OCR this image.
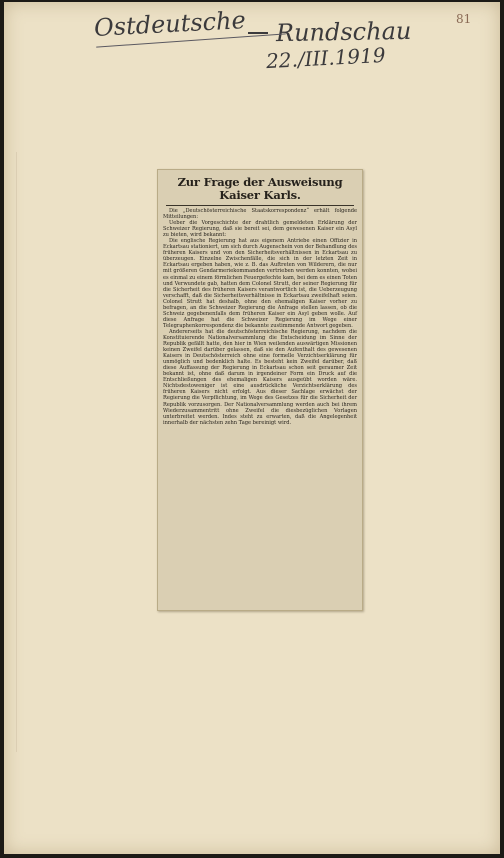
Ostdeutsche Rundschau
22./III.1919
81
Zur Frage der Ausweisung Kaiser Karls.

Die „Deutschösterreichische Staatskorrespondenz“ erhält folgende Mitteilungen:

Ueber die Vorgeschichte der drahtlich gemeldeten Erklärung der Schweizer Regierung, daß sie bereit sei, dem gewesenen Kaiser ein Asyl zu bieten, wird bekannt:

Die englische Regierung hat aus eigenem Antriebe einen Offizier in Eckartsau stationiert, um sich durch Augenschein von der Behandlung des früheren Kaisers und von den Sicherheitsverhältnissen in Eckartsau zu überzeugen. Einzelne Zwischenfälle, die sich in der letzten Zeit in Eckartsau ergeben haben, wie z. B. das Auftreten von Wilderern, die nur mit größeren Gendarmeriekommanden vertrieben werden konnten, wobei es einmal zu einem förmlichen Feuergefechte kam, bei dem es einen Toten und Verwundete gab, hatten dem Colonel Strutt, der seiner Regierung für die Sicherheit des früheren Kaisers verantwortlich ist, die Ueberzeugung verschafft, daß die Sicherheitsverhältnisse in Eckartsau zweifelhaft seien. Colonel Strutt hat deshalb, ohne den ehemaligen Kaiser vorher zu befragen, an die Schweizer Regierung die Anfrage stellen lassen, ob die Schweiz gegebenenfalls dem früheren Kaiser ein Asyl geben wolle. Auf diese Anfrage hat die Schweizer Regierung im Wege einer Telegraphenkorrespondenz die bekannte zustimmende Antwort gegeben.

Andererseits hat die deutschösterreichische Regierung, nachdem die Konstituierende Nationalversammlung die Entscheidung im Sinne der Republik gefällt hatte, den hier in Wien weilenden auswärtigen Missionen keinen Zweifel darüber gelassen, daß sie den Aufenthalt des gewesenen Kaisers in Deutschösterreich ohne eine formelle Verzichtserklärung für unmöglich und bedenklich halte. Es besteht kein Zweifel darüber, daß diese Auffassung der Regierung in Eckartsau schon seit geraumer Zeit bekannt ist, ohne daß darum in irgendeiner Form ein Druck auf die Entschließungen des ehemaligen Kaisers ausgeübt worden wäre. Nichtsdestoweniger ist eine ausdrückliche Verzichtserklärung des früheren Kaisers nicht erfolgt. Aus dieser Sachlage erwächst der Regierung die Verpflichtung, im Wege des Gesetzes für die Sicherheit der Republik vorzusorgen. Der Nationalversammlung werden auch bei ihrem Wiederzusammentritt ohne Zweifel die diesbezüglichen Vorlagen unterbreitet werden. Indes steht zu erwarten, daß die Angelegenheit innerhalb der nächsten zehn Tage bereinigt wird.
